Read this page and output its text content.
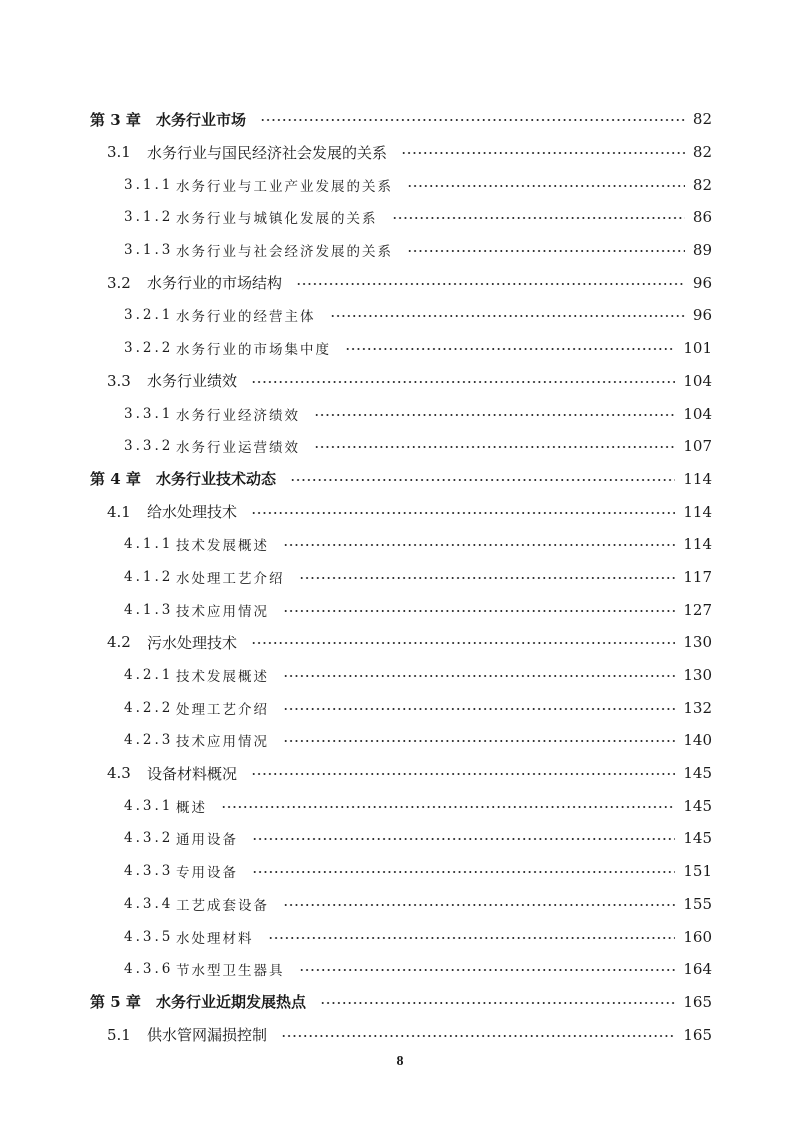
第 3 章	水务行业市场	82
3.1	水务行业与国民经济社会发展的关系	82
3.1.1 水务行业与工业产业发展的关系	82
3.1.2 水务行业与城镇化发展的关系	86
3.1.3 水务行业与社会经济发展的关系	89
3.2	水务行业的市场结构	96
3.2.1 水务行业的经营主体	96
3.2.2 水务行业的市场集中度	101
3.3	水务行业绩效	104
3.3.1 水务行业经济绩效	104
3.3.2 水务行业运营绩效	107
第 4 章	水务行业技术动态	114
4.1	给水处理技术	114
4.1.1 技术发展概述	114
4.1.2 水处理工艺介绍	117
4.1.3 技术应用情况	127
4.2	污水处理技术	130
4.2.1 技术发展概述	130
4.2.2 处理工艺介绍	132
4.2.3 技术应用情况	140
4.3	设备材料概况	145
4.3.1 概述	145
4.3.2 通用设备	145
4.3.3 专用设备	151
4.3.4 工艺成套设备	155
4.3.5 水处理材料	160
4.3.6 节水型卫生器具	164
第 5 章	水务行业近期发展热点	165
5.1	供水管网漏损控制	165
8
